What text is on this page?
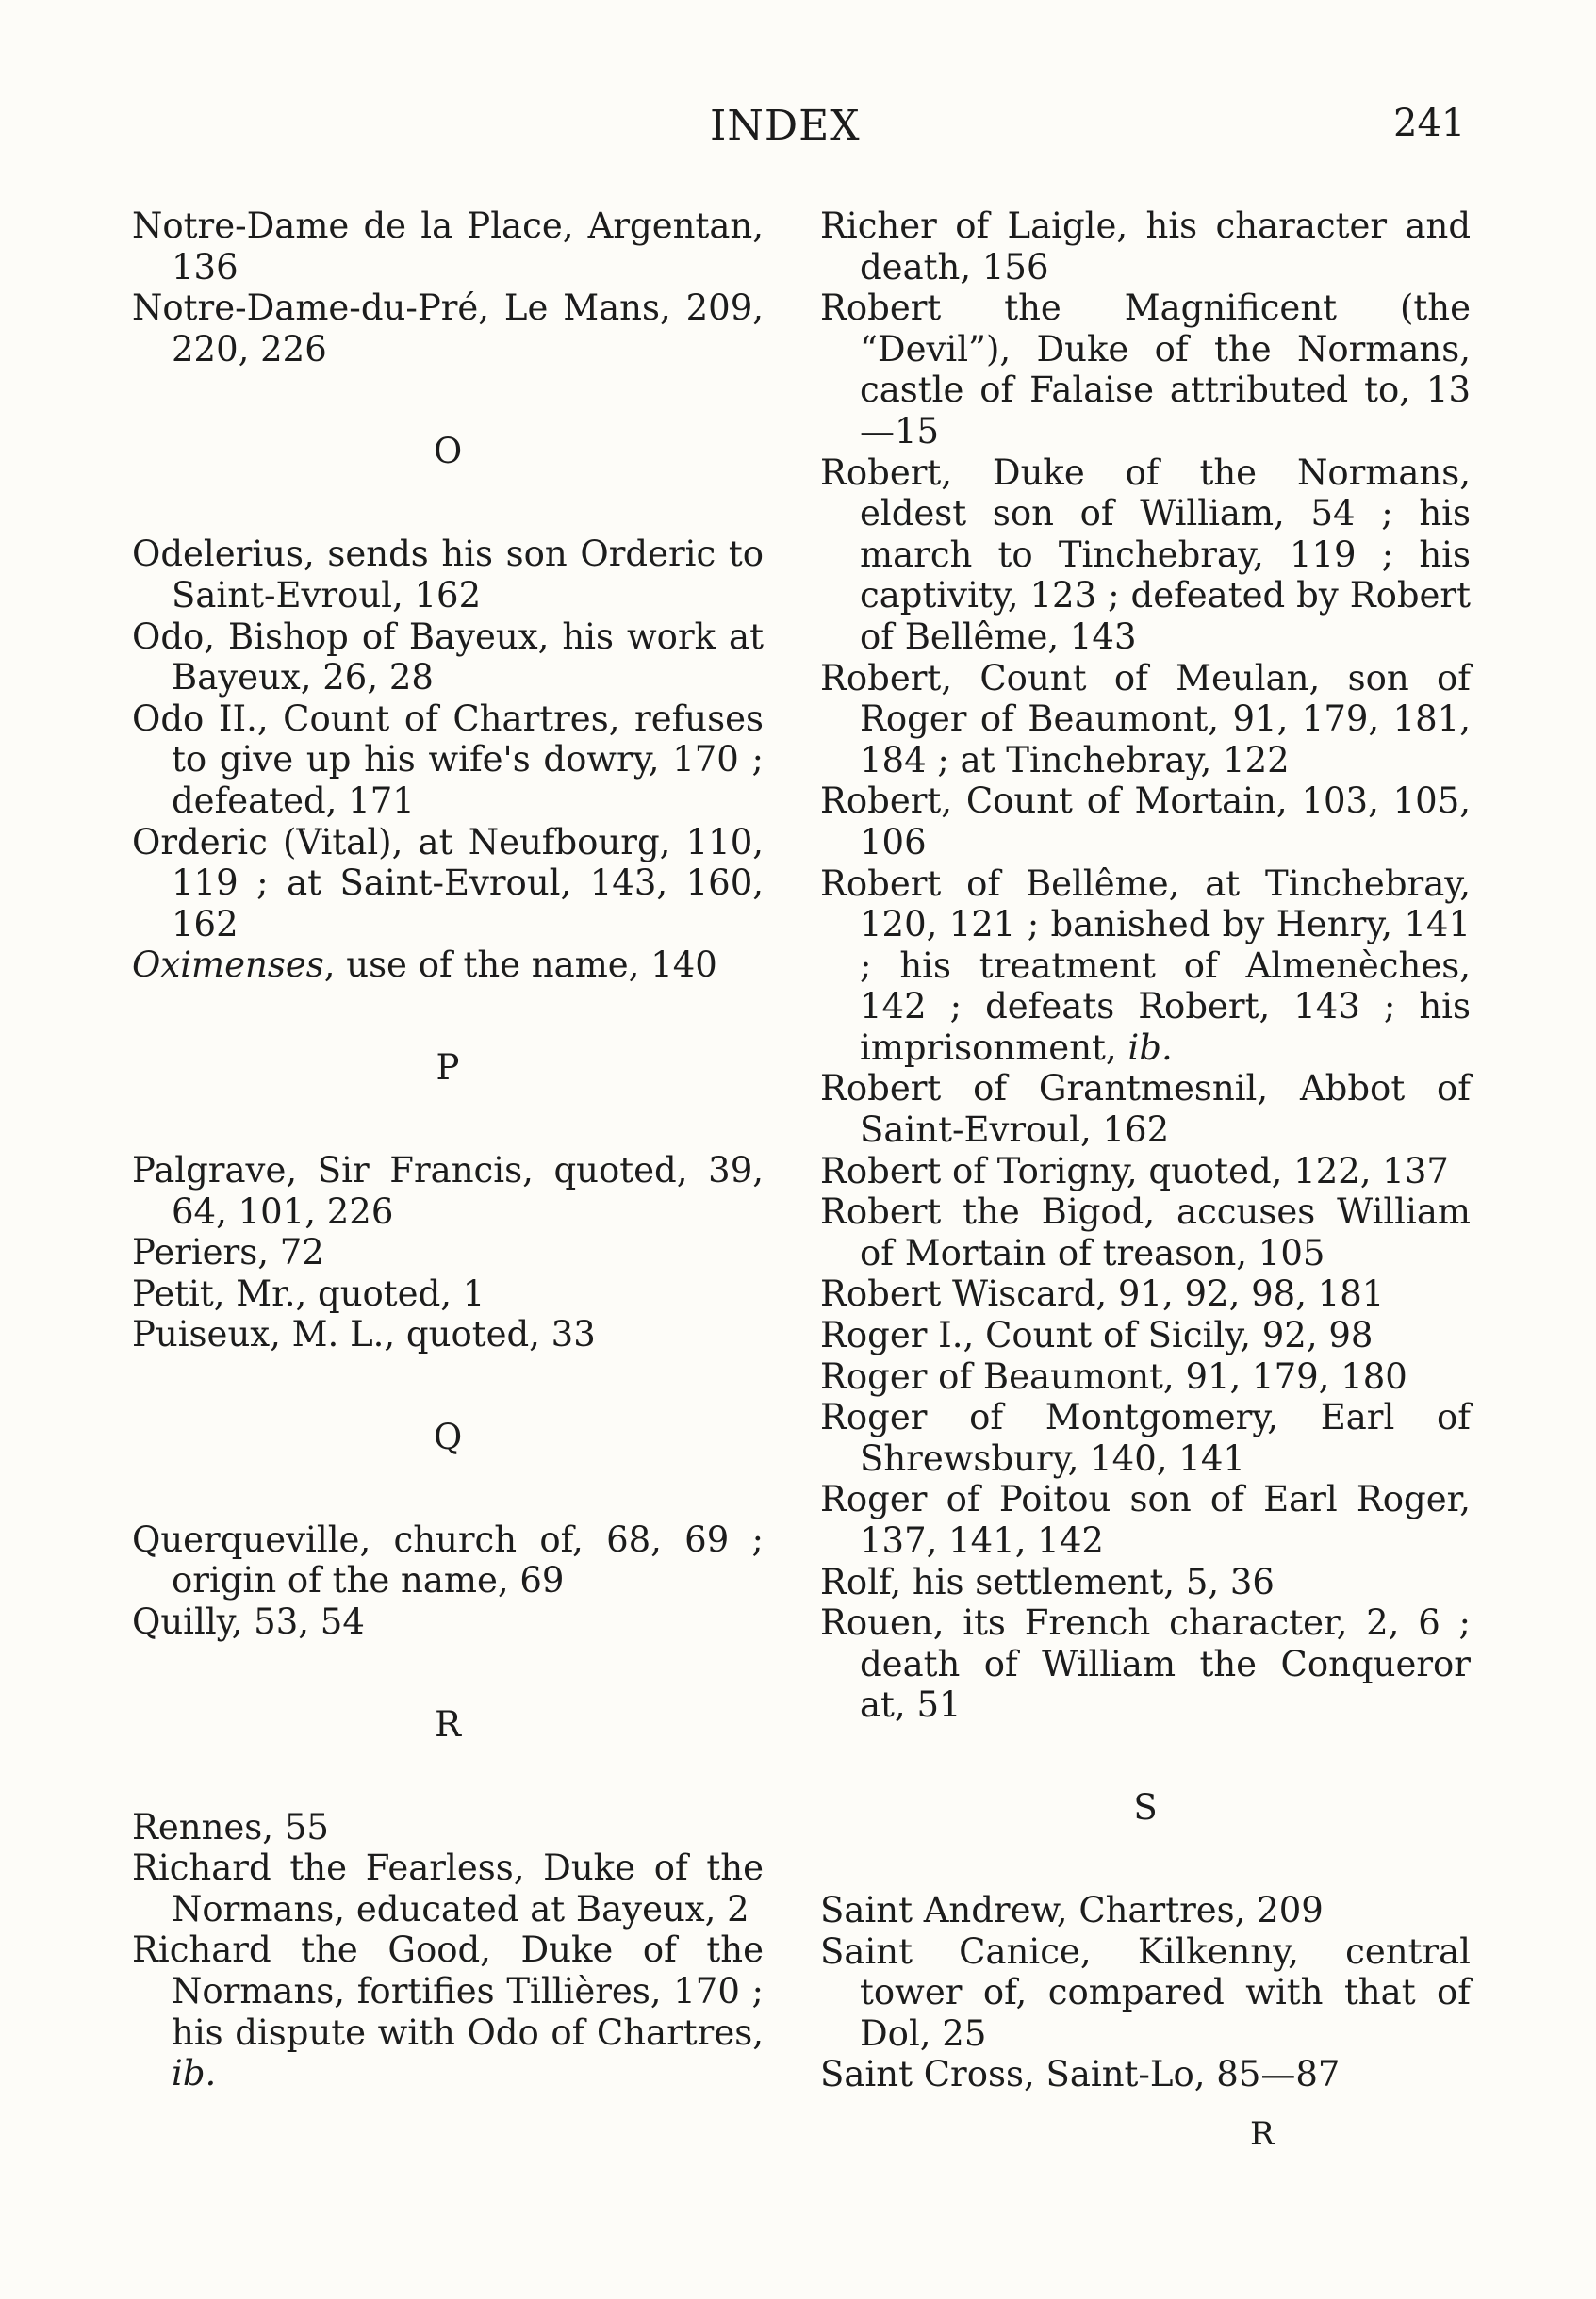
INDEX	241

Notre-Dame de la Place, Argentan, 136

Notre-Dame-du-Pré, Le Mans, 209, 220, 226

O

Odelerius, sends his son Orderic to Saint-Evroul, 162

Odo, Bishop of Bayeux, his work at Bayeux, 26, 28

Odo II., Count of Chartres, refuses to give up his wife's dowry, 170 ; defeated, 171

Orderic (Vital), at Neufbourg, 110, 119 ; at Saint-Evroul, 143, 160, 162

Oximenses, use of the name, 140

P

Palgrave, Sir Francis, quoted, 39, 64, 101, 226

Periers, 72

Petit, Mr., quoted, 1

Puiseux, M. L., quoted, 33

Q

Querqueville, church of, 68, 69 ; origin of the name, 69

Quilly, 53, 54

R

Rennes, 55

Richard the Fearless, Duke of the Normans, educated at Bayeux, 2

Richard the Good, Duke of the Normans, fortifies Tillières, 170 ; his dispute with Odo of Chartres, ib.

Richer of Laigle, his character and death, 156

Robert the Magnificent (the “Devil”), Duke of the Normans, castle of Falaise attributed to, 13—15

Robert, Duke of the Normans, eldest son of William, 54 ; his march to Tinchebray, 119 ; his captivity, 123 ; defeated by Robert of Bellême, 143

Robert, Count of Meulan, son of Roger of Beaumont, 91, 179, 181, 184 ; at Tinchebray, 122

Robert, Count of Mortain, 103, 105, 106

Robert of Bellême, at Tinchebray, 120, 121 ; banished by Henry, 141 ; his treatment of Almenèches, 142 ; defeats Robert, 143 ; his imprisonment, ib.

Robert of Grantmesnil, Abbot of Saint-Evroul, 162

Robert of Torigny, quoted, 122, 137

Robert the Bigod, accuses William of Mortain of treason, 105

Robert Wiscard, 91, 92, 98, 181

Roger I., Count of Sicily, 92, 98

Roger of Beaumont, 91, 179, 180

Roger of Montgomery, Earl of Shrewsbury, 140, 141

Roger of Poitou son of Earl Roger, 137, 141, 142

Rolf, his settlement, 5, 36

Rouen, its French character, 2, 6 ; death of William the Conqueror at, 51

S

Saint Andrew, Chartres, 209

Saint Canice, Kilkenny, central tower of, compared with that of Dol, 25

Saint Cross, Saint-Lo, 85—87

R
